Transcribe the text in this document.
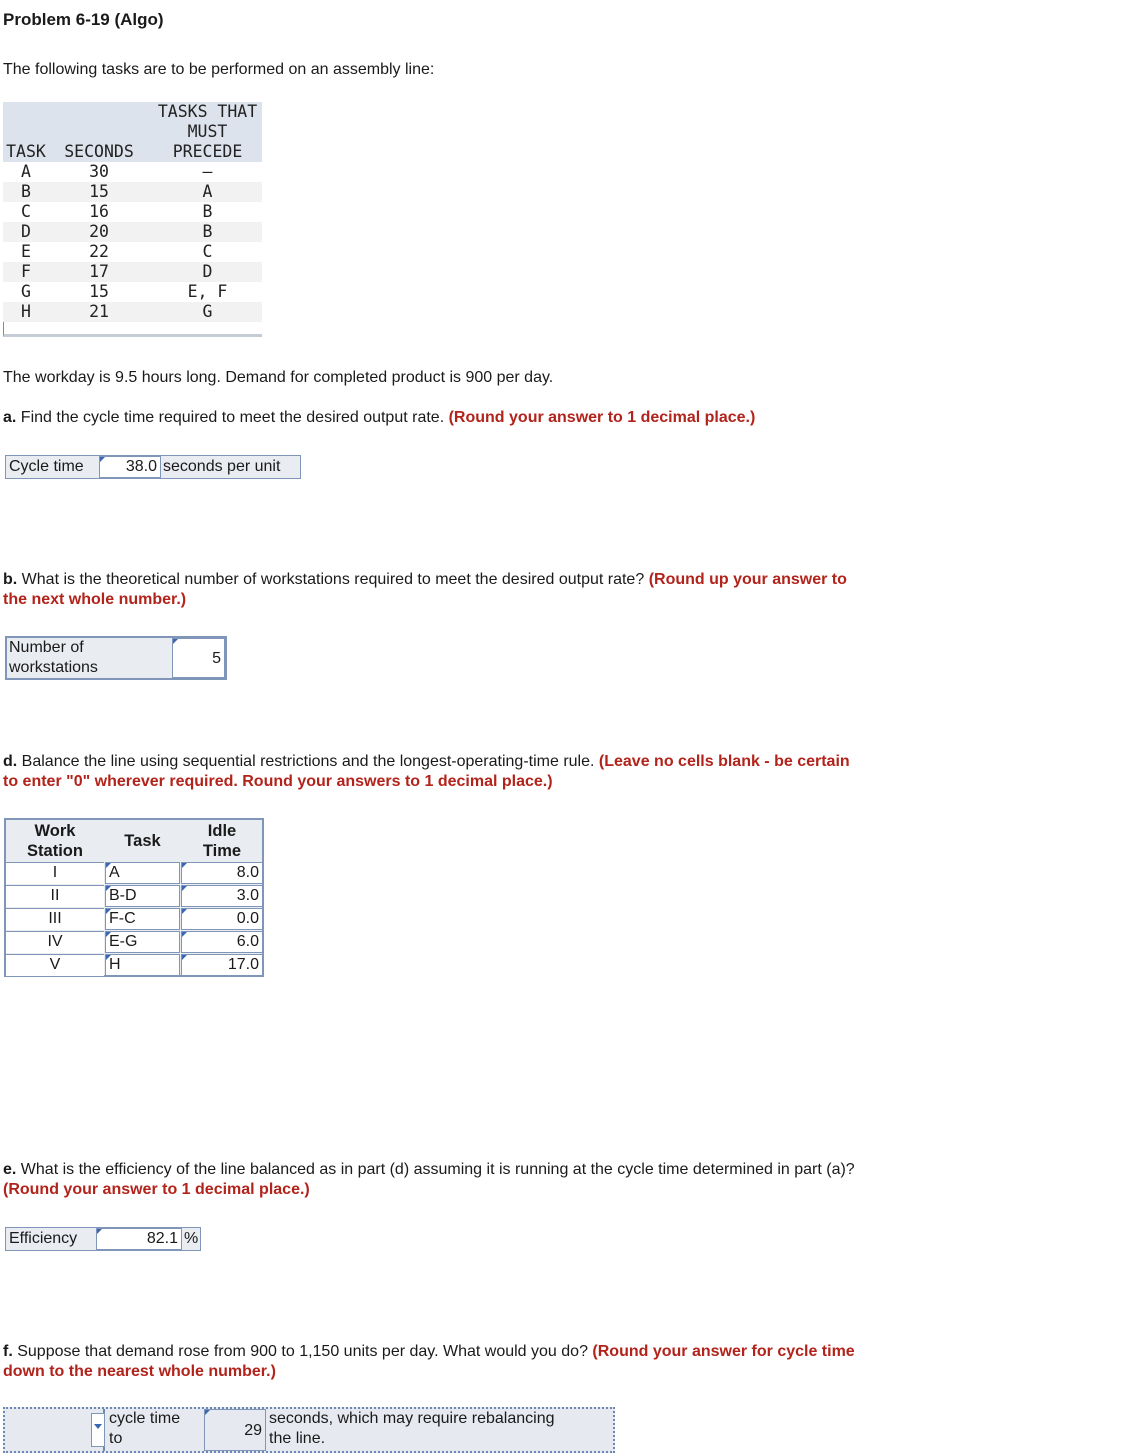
Problem 6-19 (Algo)
The following tasks are to be performed on an assembly line:
TASKS THAT
MUST
PRECEDE
TASK	SECONDS
A	30	–
B	15	A
C	16	B
D	20	B
E	22	C
F	17	D
G	15	E, F
H	21	G
The workday is 9.5 hours long. Demand for completed product is 900 per day.
a. Find the cycle time required to meet the desired output rate. (Round your answer to 1 decimal place.)
Cycle time	38.0 seconds per unit
b. What is the theoretical number of workstations required to meet the desired output rate? (Round up your answer to
the next whole number.)
Number of
workstations
5
d. Balance the line using sequential restrictions and the longest-operating-time rule. (Leave no cells blank - be certain
to enter "0" wherever required. Round your answers to 1 decimal place.)
Work
Station
Task
Idle
Time
I	A	8.0
II	B-D	3.0
III	F-C	0.0
IV	E-G	6.0
V	H	17.0
e. What is the efficiency of the line balanced as in part (d) assuming it is running at the cycle time determined in part (a)?
(Round your answer to 1 decimal place.)
Efficiency	82.1 %
f. Suppose that demand rose from 900 to 1,150 units per day. What would you do? (Round your answer for cycle time
down to the nearest whole number.)
cycle time
to	29
seconds, which may require rebalancing
the line.
